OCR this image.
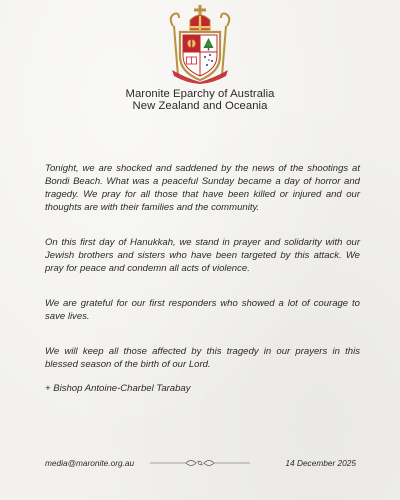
Maronite Eparchy of Australia
New Zealand and Oceania

Tonight, we are shocked and saddened by the news of the shootings at Bondi Beach. What was a peaceful Sunday became a day of horror and tragedy. We pray for all those that have been killed or injured and our thoughts are with their families and the community.

On this first day of Hanukkah, we stand in prayer and solidarity with our Jewish brothers and sisters who have been targeted by this attack. We pray for peace and condemn all acts of violence.

We are grateful for our first responders who showed a lot of courage to save lives.

We will keep all those affected by this tragedy in our prayers in this blessed season of the birth of our Lord.

+ Bishop Antoine-Charbel Tarabay

media@maronite.org.au	14 December 2025
